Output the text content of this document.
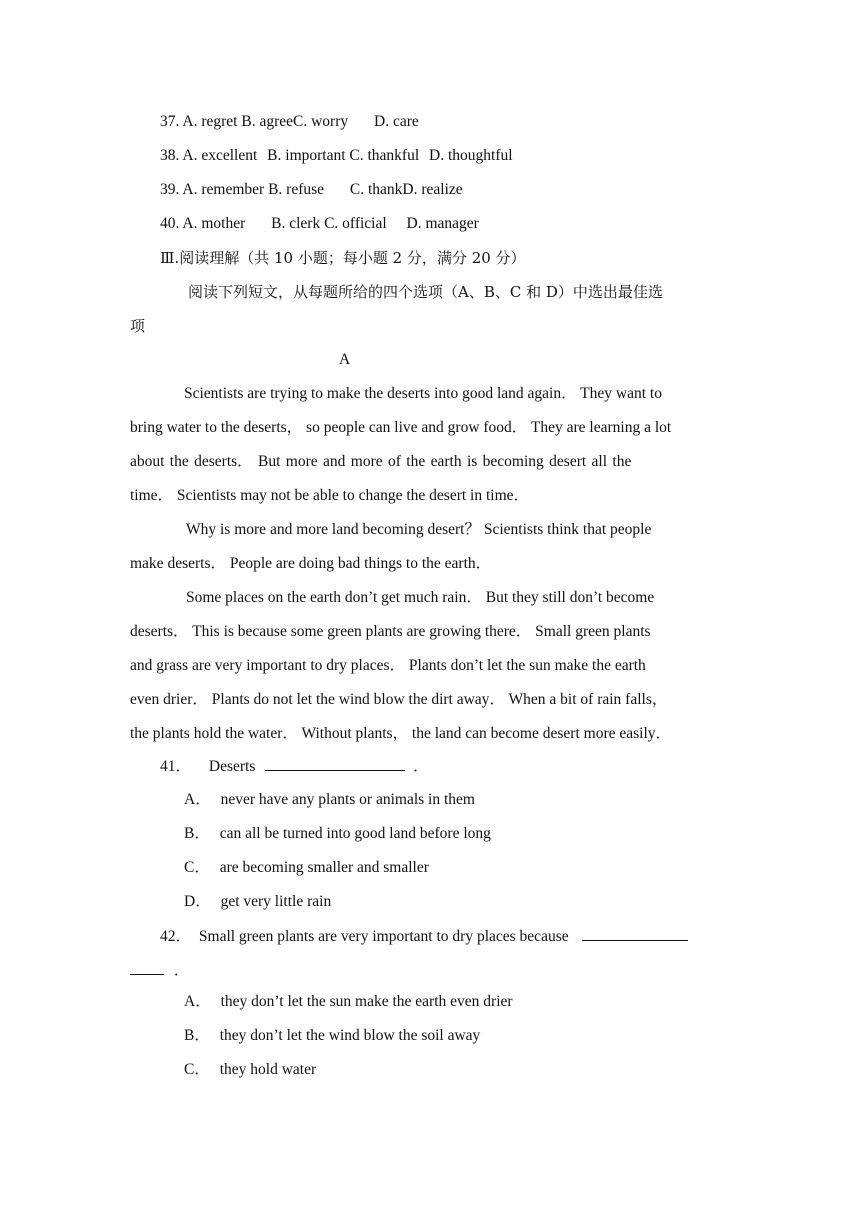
37. A. regret B. agreeC. worry D. care
38. A. excellent B. important C. thankful D. thoughtful
39. A. remember B. refuse C. thankD. realize
40. A. mother B. clerk C. official D. manager
Ⅲ.阅读理解（共 10 小题；每小题 2 分，满分 20 分）
阅读下列短文，从每题所给的四个选项（A、B、C 和 D）中选出最佳选
项
A
Scientists are trying to make the deserts into good land again． They want to
bring water to the deserts， so people can live and grow food． They are learning a lot
about the deserts． But more and more of the earth is becoming desert all the
time． Scientists may not be able to change the desert in time．
Why is more and more land becoming desert？ Scientists think that people
make deserts． People are doing bad things to the earth．
Some places on the earth don’t get much rain． But they still don’t become
deserts． This is because some green plants are growing there． Small green plants
and grass are very important to dry places． Plants don’t let the sun make the earth
even drier． Plants do not let the wind blow the dirt away． When a bit of rain falls，
the plants hold the water． Without plants， the land can become desert more easily．
41． Deserts	．
A． never have any plants or animals in them
B． can all be turned into good land before long
C． are becoming smaller and smaller
D． get very little rain
42． Small green plants are very important to dry places because
．
A． they don’t let the sun make the earth even drier
B． they don’t let the wind blow the soil away
C． they hold water
